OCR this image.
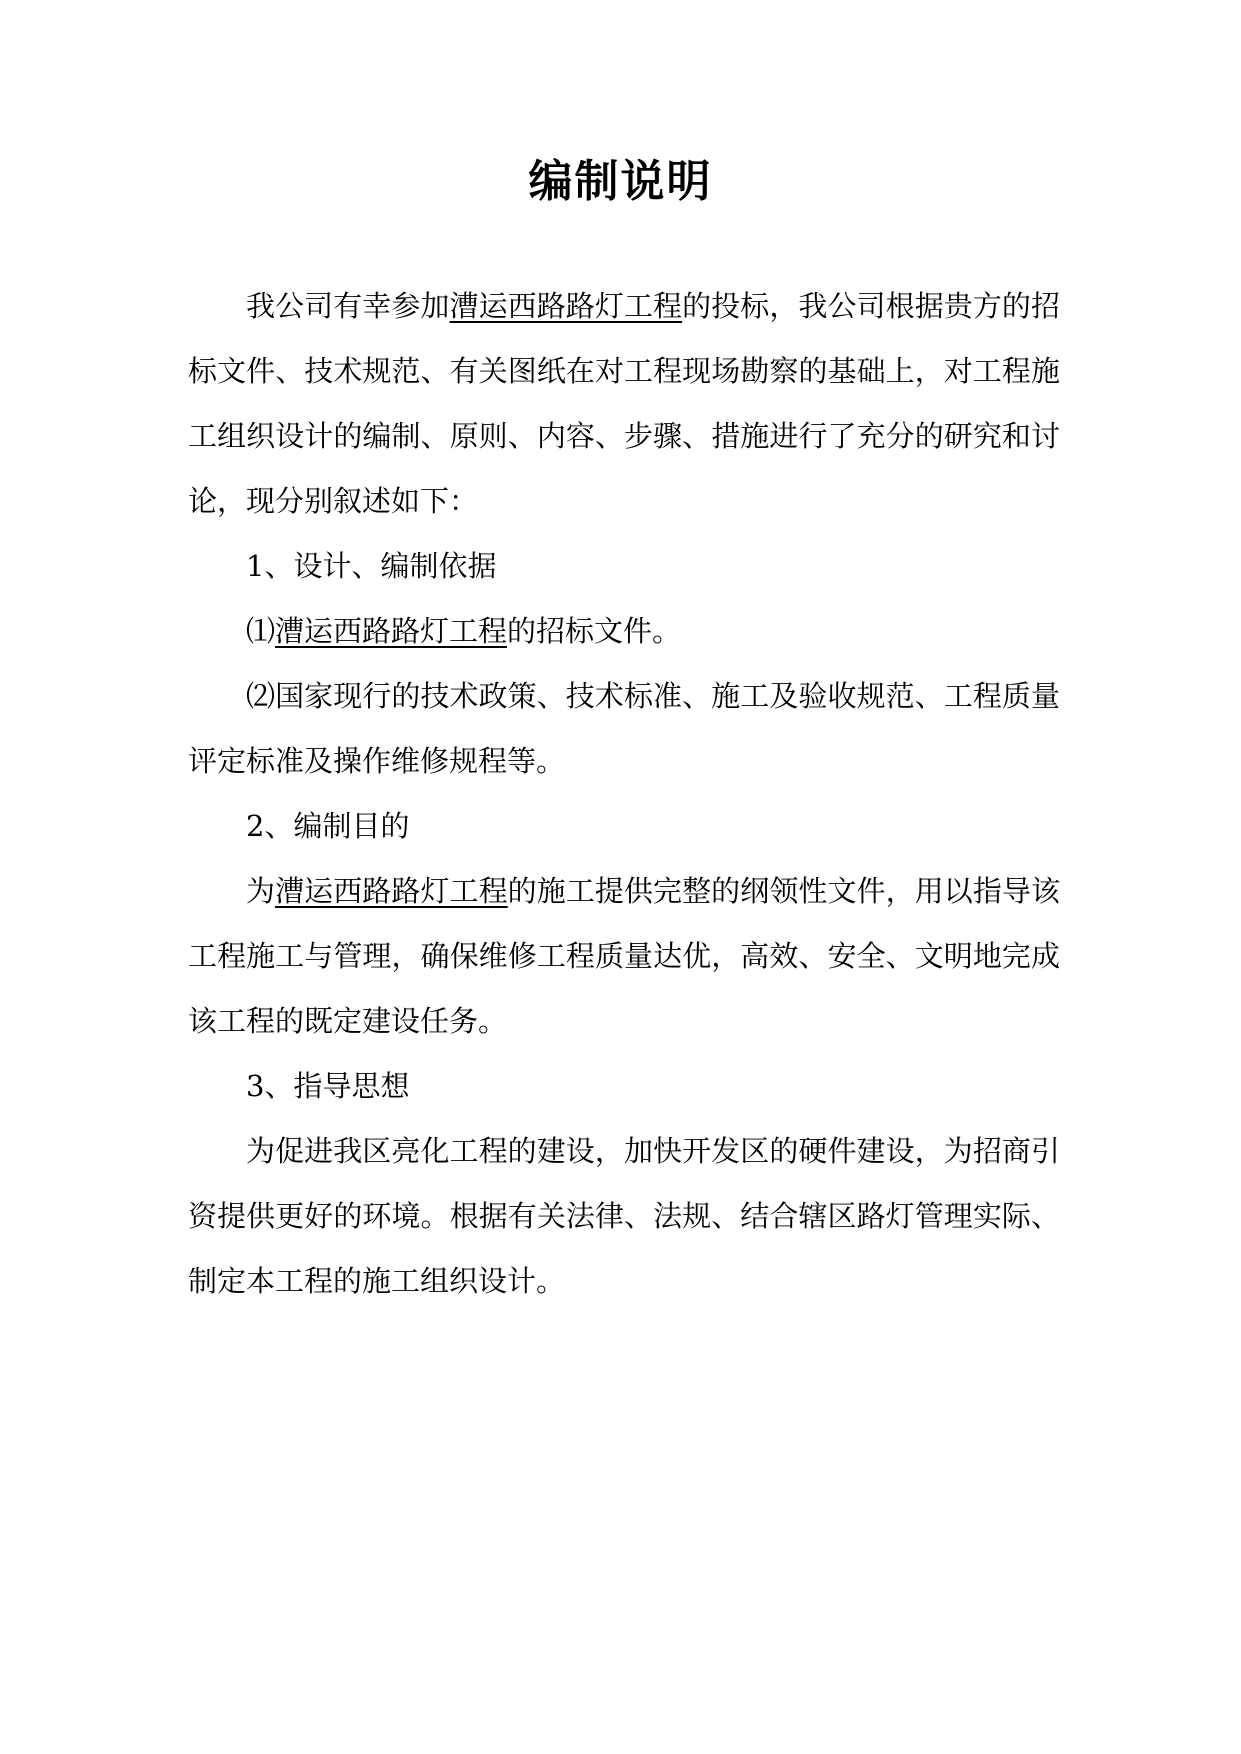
编制说明

我公司有幸参加漕运西路路灯工程的投标，我公司根据贵方的招标文件、技术规范、有关图纸在对工程现场勘察的基础上，对工程施工组织设计的编制、原则、内容、步骤、措施进行了充分的研究和讨论，现分别叙述如下：

1、设计、编制依据

⑴漕运西路路灯工程的招标文件。

⑵国家现行的技术政策、技术标准、施工及验收规范、工程质量评定标准及操作维修规程等。

2、编制目的

为漕运西路路灯工程的施工提供完整的纲领性文件，用以指导该工程施工与管理，确保维修工程质量达优，高效、安全、文明地完成该工程的既定建设任务。

3、指导思想

为促进我区亮化工程的建设，加快开发区的硬件建设，为招商引资提供更好的环境。根据有关法律、法规、结合辖区路灯管理实际、制定本工程的施工组织设计。
